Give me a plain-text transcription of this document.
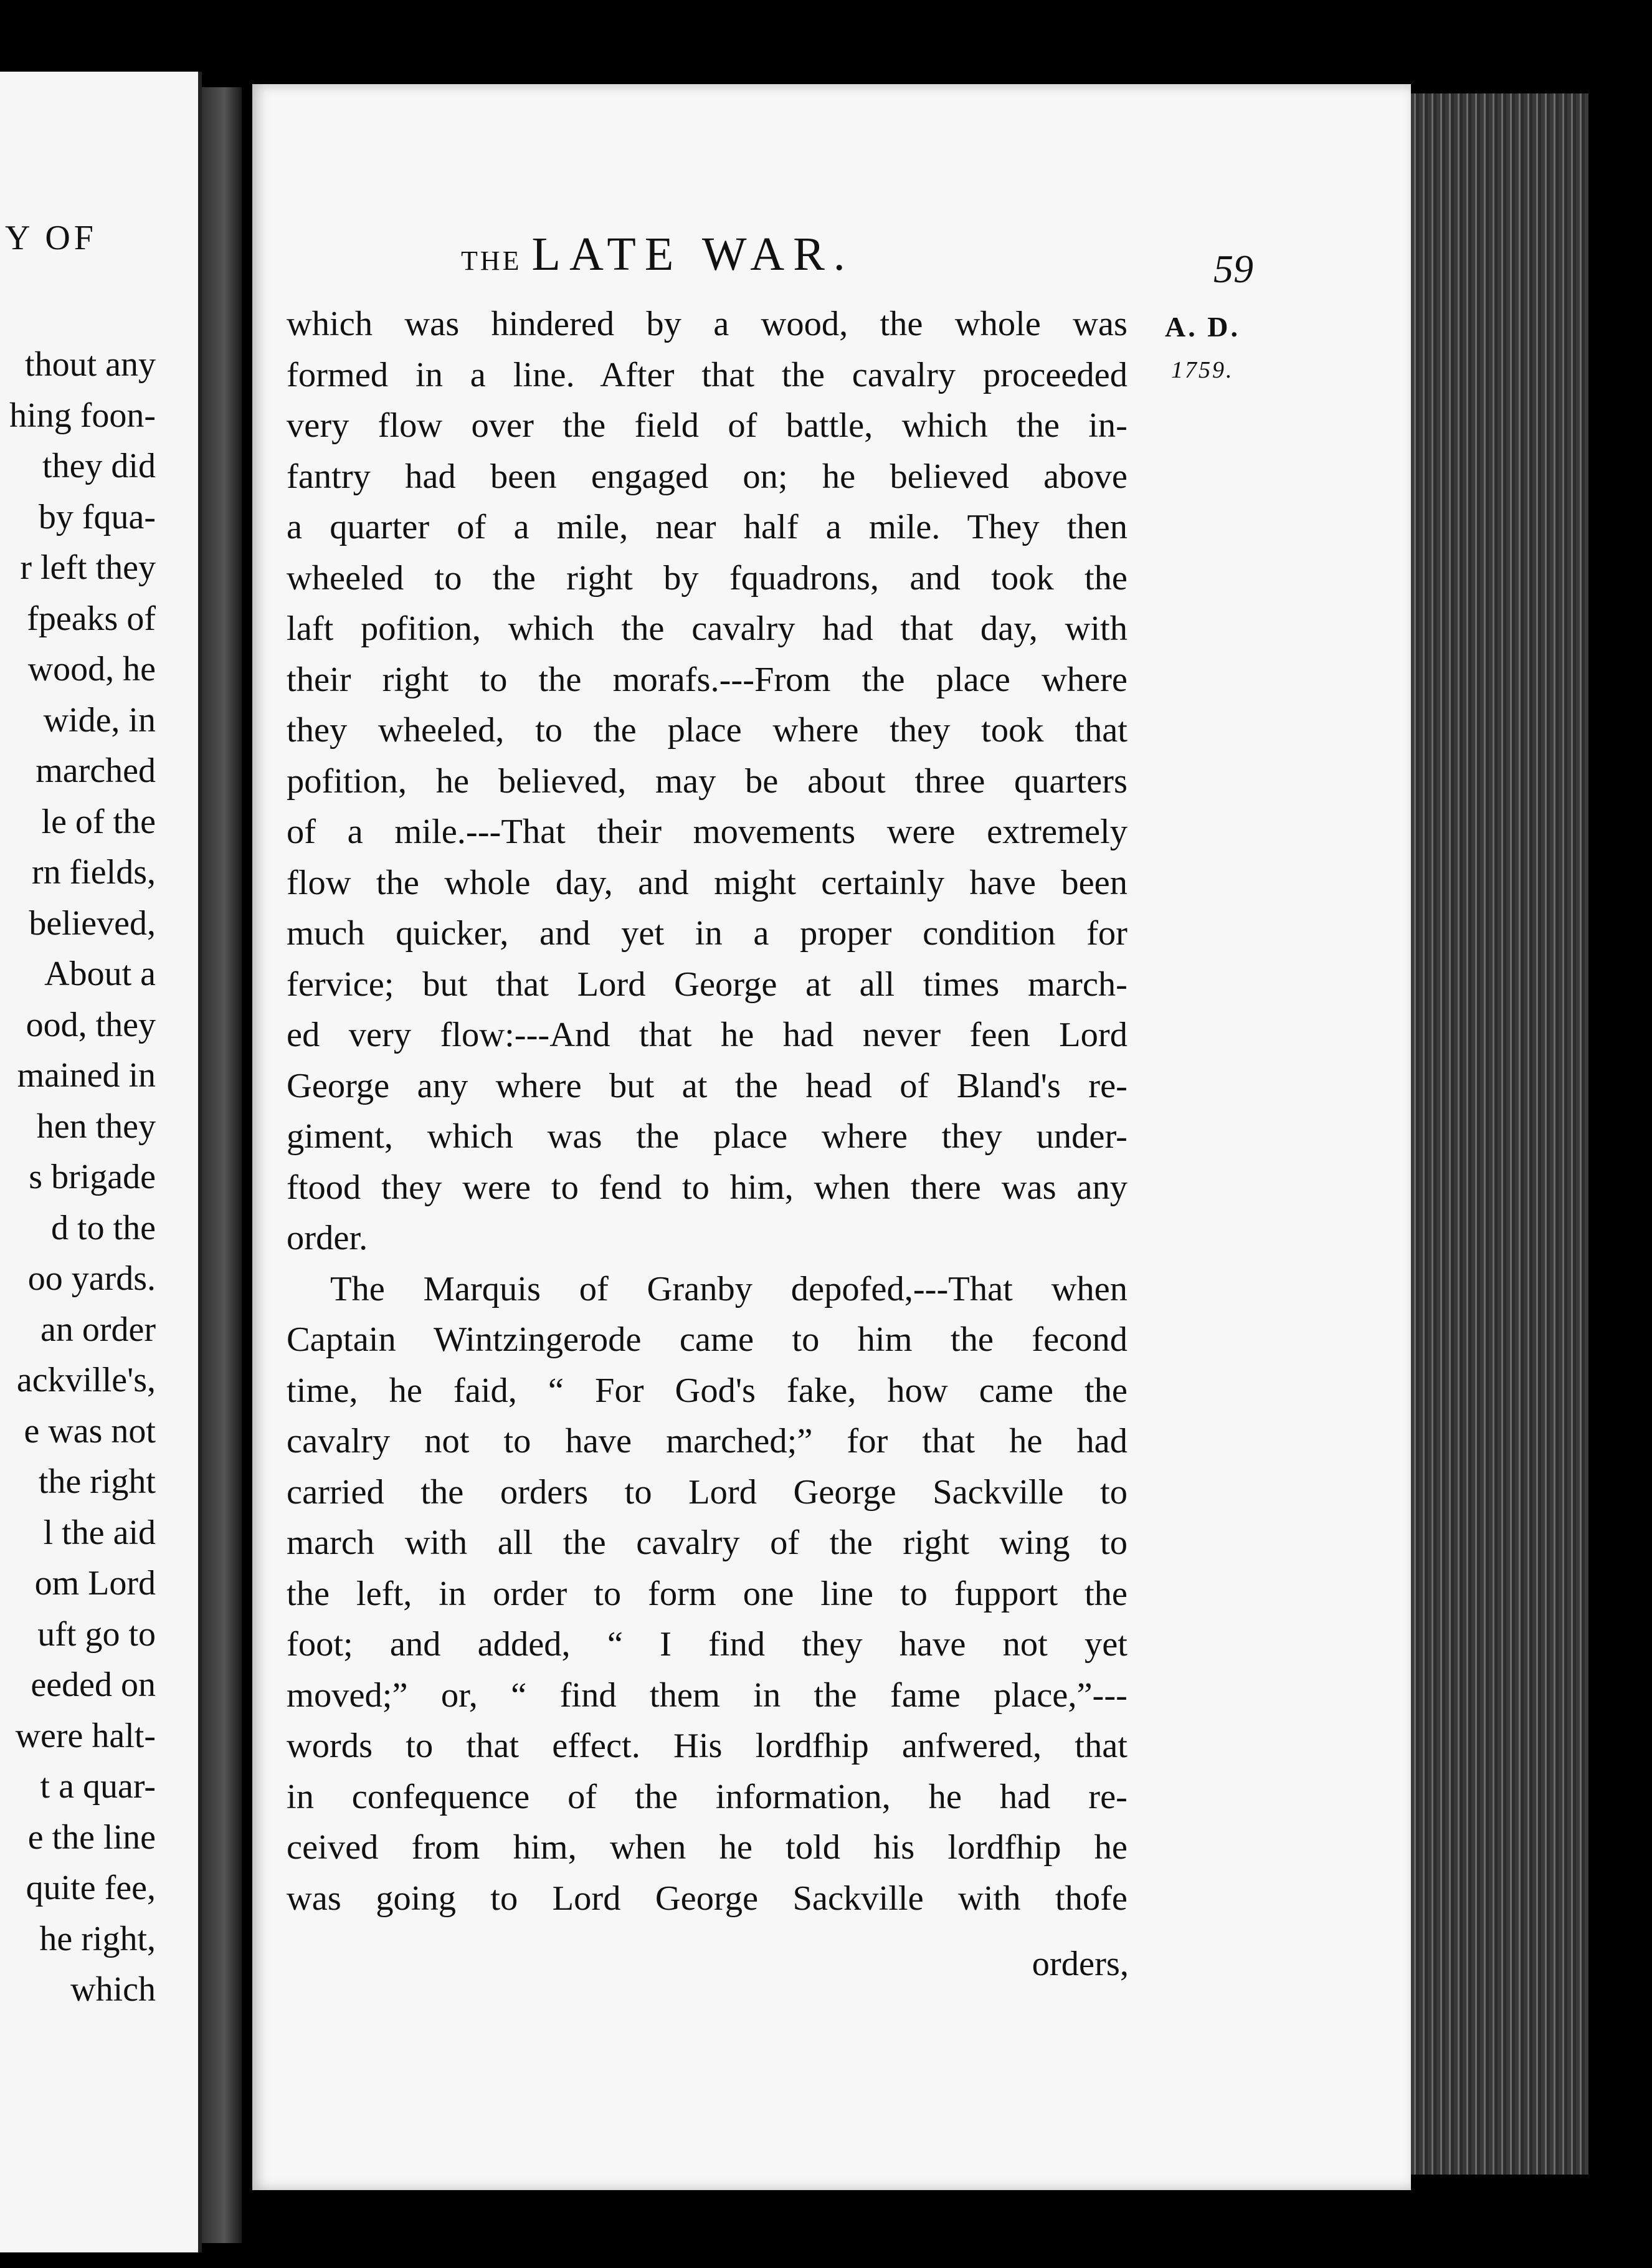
Y OF
thout any
hing foon-
they did
by fqua-
r left they
fpeaks of
wood, he
wide, in
marched
le of the
rn fields,
believed,
About a
ood, they
mained in
hen they
s brigade
d to the
oo yards.
an order
ackville's,
e was not
the right
l the aid
om Lord
uft go to
eeded on
were halt-
t a quar-
e the line
quite fee,
he right,
which
THE LATE WAR.	59
A. D.
1759.
which was hindered by a wood, the whole was
formed in a line. After that the cavalry proceeded
very flow over the field of battle, which the in-
fantry had been engaged on; he believed above
a quarter of a mile, near half a mile. They then
wheeled to the right by fquadrons, and took the
laft pofition, which the cavalry had that day, with
their right to the morafs.---From the place where
they wheeled, to the place where they took that
pofition, he believed, may be about three quarters
of a mile.---That their movements were extremely
flow the whole day, and might certainly have been
much quicker, and yet in a proper condition for
fervice; but that Lord George at all times march-
ed very flow:---And that he had never feen Lord
George any where but at the head of Bland's re-
giment, which was the place where they under-
ftood they were to fend to him, when there was any
order.
The Marquis of Granby depofed,---That when
Captain Wintzingerode came to him the fecond
time, he faid, “ For God's fake, how came the
cavalry not to have marched;” for that he had
carried the orders to Lord George Sackville to
march with all the cavalry of the right wing to
the left, in order to form one line to fupport the
foot; and added, “ I find they have not yet
moved;” or, “ find them in the fame place,”---
words to that effect. His lordfhip anfwered, that
in confequence of the information, he had re-
ceived from him, when he told his lordfhip he
was going to Lord George Sackville with thofe
orders,
